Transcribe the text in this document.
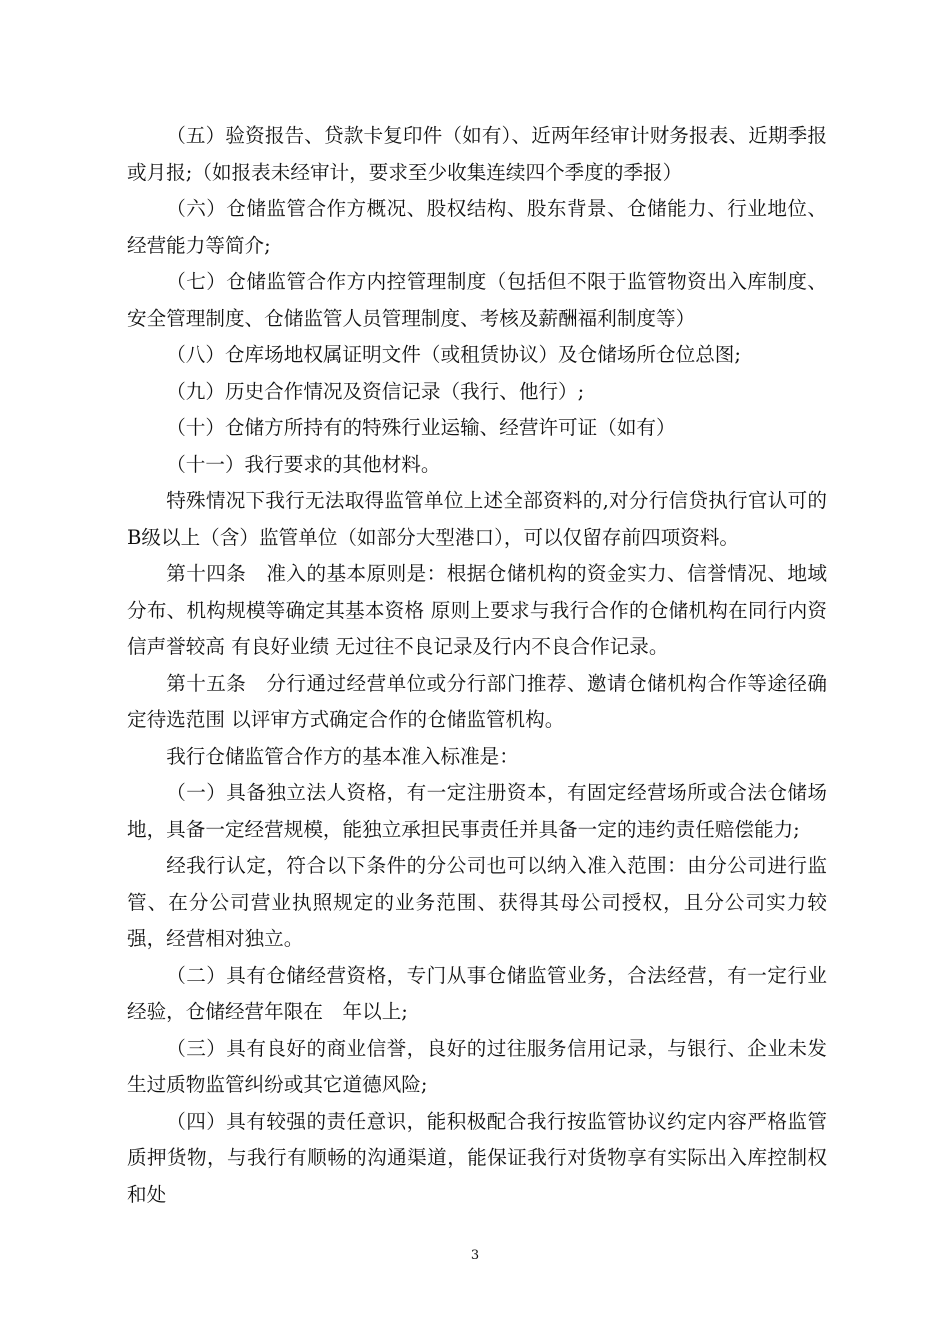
（五）验资报告、贷款卡复印件（如有）、近两年经审计财务报表、近期季报或月报;（如报表未经审计，要求至少收集连续四个季度的季报）

（六）仓储监管合作方概况、股权结构、股东背景、仓储能力、行业地位、经营能力等简介;

（七）仓储监管合作方内控管理制度（包括但不限于监管物资出入库制度、安全管理制度、仓储监管人员管理制度、考核及薪酬福利制度等）

（八）仓库场地权属证明文件（或租赁协议）及仓储场所仓位总图;

（九）历史合作情况及资信记录（我行、他行）;

（十）仓储方所持有的特殊行业运输、经营许可证（如有）

（十一）我行要求的其他材料。

特殊情况下我行无法取得监管单位上述全部资料的,对分行信贷执行官认可的B级以上（含）监管单位（如部分大型港口），可以仅留存前四项资料。

第十四条　准入的基本原则是：根据仓储机构的资金实力、信誉情况、地域分布、机构规模等确定其基本资格 原则上要求与我行合作的仓储机构在同行内资信声誉较高 有良好业绩 无过往不良记录及行内不良合作记录。

第十五条　分行通过经营单位或分行部门推荐、邀请仓储机构合作等途径确定待选范围 以评审方式确定合作的仓储监管机构。

我行仓储监管合作方的基本准入标准是：

（一）具备独立法人资格，有一定注册资本，有固定经营场所或合法仓储场地，具备一定经营规模，能独立承担民事责任并具备一定的违约责任赔偿能力;

经我行认定，符合以下条件的分公司也可以纳入准入范围：由分公司进行监管、在分公司营业执照规定的业务范围、获得其母公司授权，且分公司实力较强，经营相对独立。

（二）具有仓储经营资格，专门从事仓储监管业务，合法经营，有一定行业经验，仓储经营年限在　年以上;

（三）具有良好的商业信誉，良好的过往服务信用记录，与银行、企业未发生过质物监管纠纷或其它道德风险;

（四）具有较强的责任意识，能积极配合我行按监管协议约定内容严格监管质押货物，与我行有顺畅的沟通渠道，能保证我行对货物享有实际出入库控制权和处

3
